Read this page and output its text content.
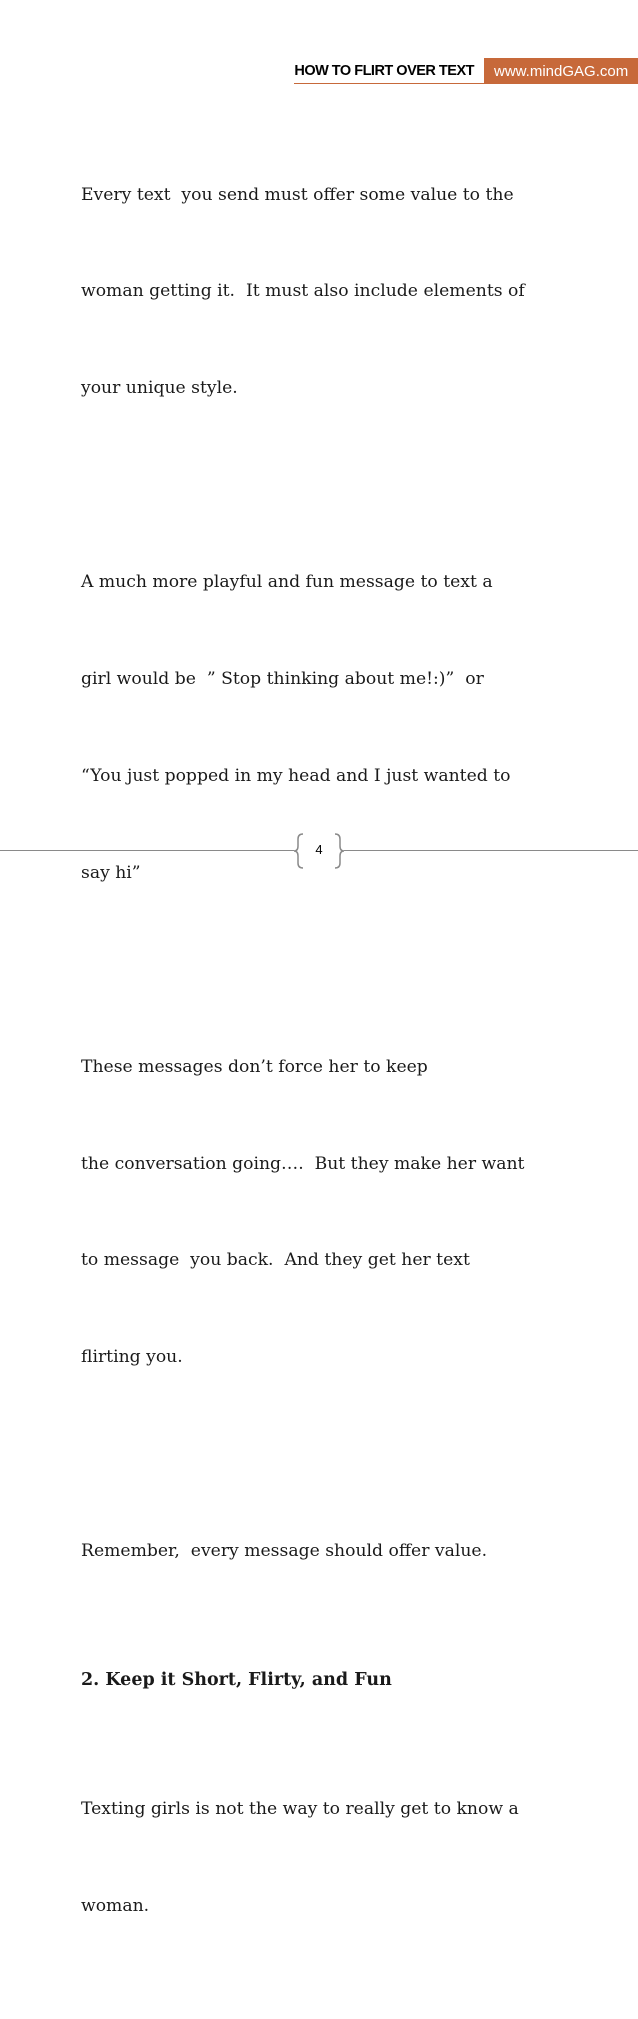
HOW TO FLIRT OVER TEXT	www.mindGAG.com

Every text  you send must offer some value to the

woman getting it.  It must also include elements of

your unique style.

A much more playful and fun message to text a

girl would be  ” Stop thinking about me!:)”  or

“You just popped in my head and I just wanted to

say hi”

These messages don’t force her to keep

the conversation going….  But they make her want

to message  you back.  And they get her text

flirting you.

Remember,  every message should offer value.

2. Keep it Short, Flirty, and Fun

Texting girls is not the way to really get to know a

woman.

4
